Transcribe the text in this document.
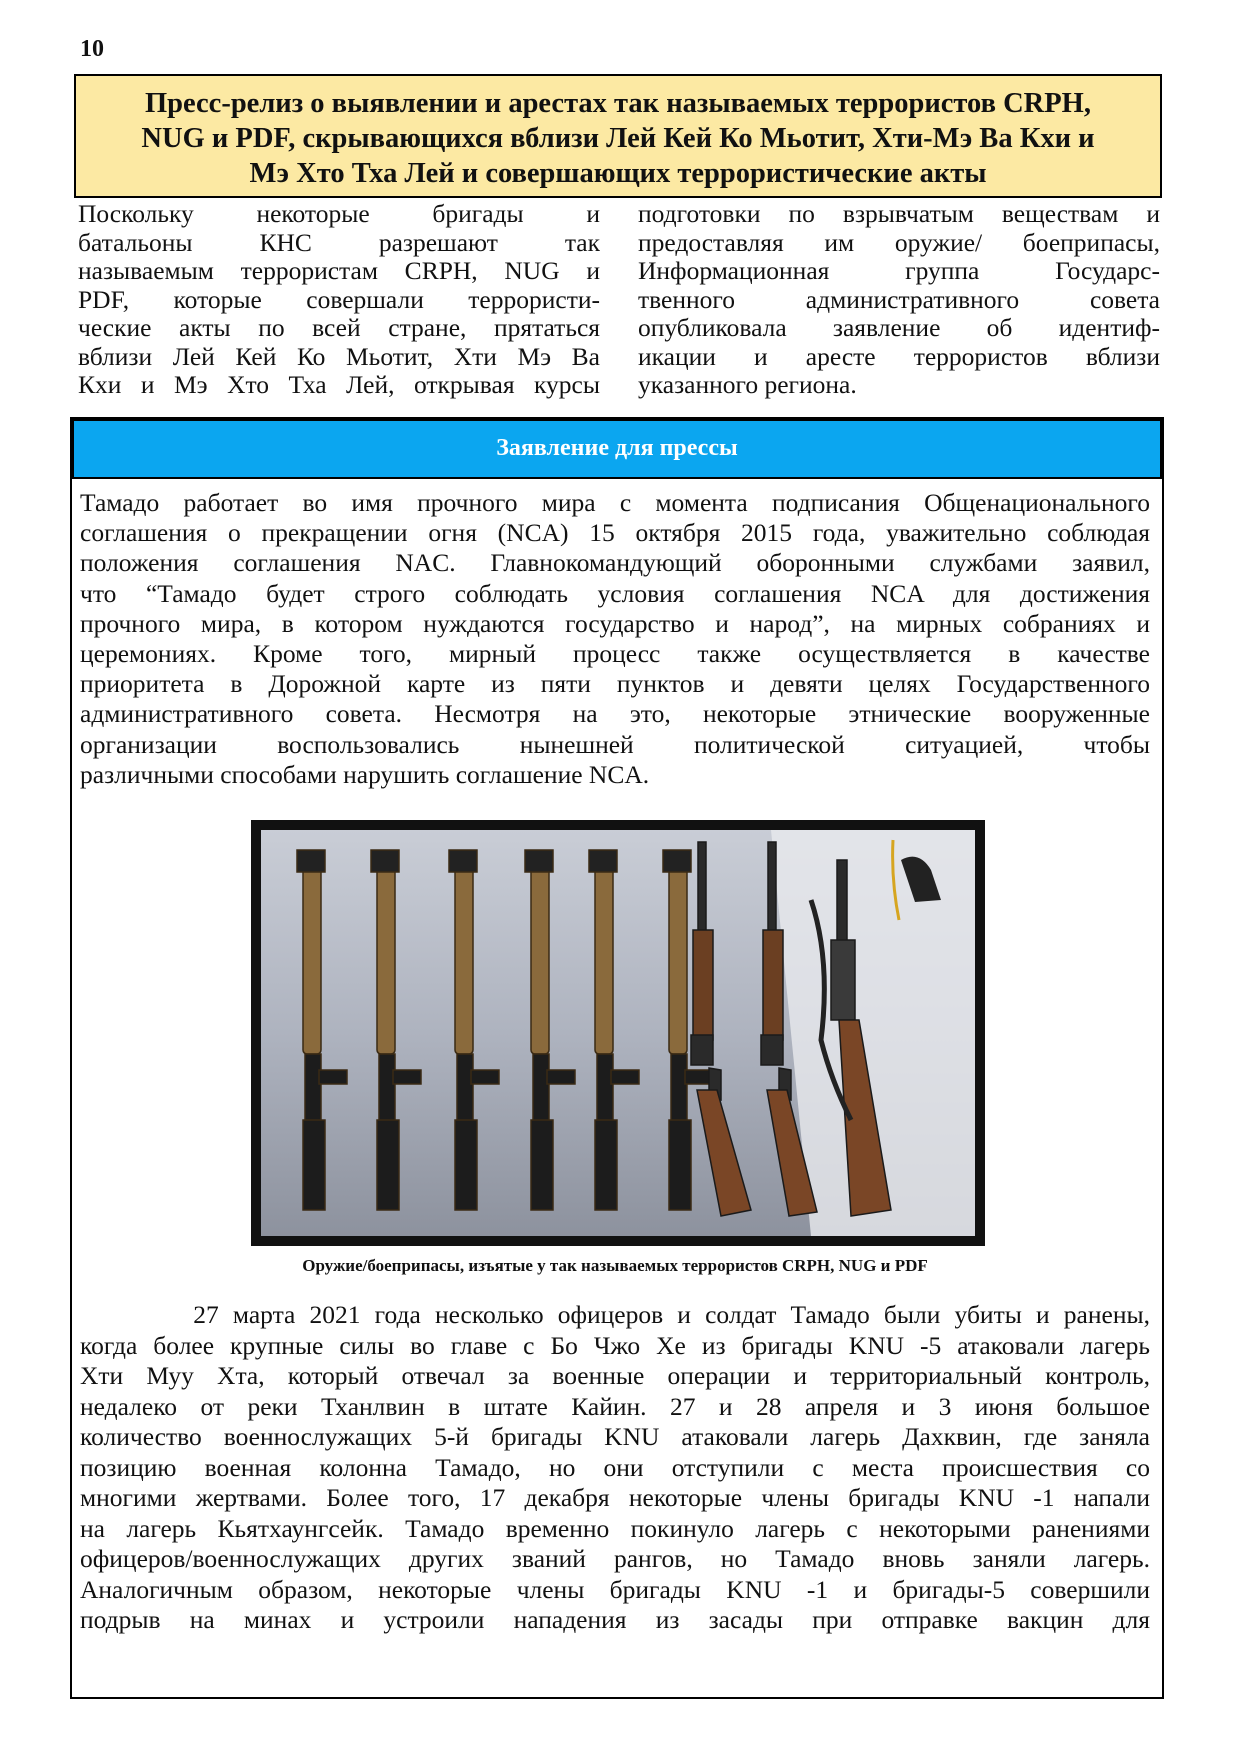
10
Пресс-релиз о выявлении и арестах так называемых террористов CRPH,
NUG и PDF, скрывающихся вблизи Лей Кей Ко Мьотит, Хти-Мэ Ва Кхи и
Мэ Хто Тха Лей и совершающих террористические акты
Поскольку некоторые бригады и
батальоны КНС разрешают так
называемым террористам CRPH, NUG и
PDF, которые совершали террористи-
ческие акты по всей стране, прятаться
вблизи Лей Кей Ко Мьотит, Хти Мэ Ва
Кхи и Мэ Хто Тха Лей, открывая курсы
подготовки по взрывчатым веществам и
предоставляя им оружие/ боеприпасы,
Информационная группа Государс-
твенного административного совета
опубликовала заявление об идентиф-
икации и аресте террористов вблизи
указанного региона.
Заявление для прессы
Тамадо работает во имя прочного мира с момента подписания Общенационального
соглашения о прекращении огня (NCA) 15 октября 2015 года, уважительно соблюдая
положения соглашения NAC. Главнокомандующий оборонными службами заявил,
что “Тамадо будет строго соблюдать условия соглашения NCA для достижения
прочного мира, в котором нуждаются государство и народ”, на мирных собраниях и
церемониях. Кроме того, мирный процесс также осуществляется в качестве
приоритета в Дорожной карте из пяти пунктов и девяти целях Государственного
административного совета. Несмотря на это, некоторые этнические вооруженные
организации воспользовались нынешней политической ситуацией, чтобы
различными способами нарушить соглашение NCA.
Оружие/боеприпасы, изъятые у так называемых террористов CRPH, NUG и PDF
27 марта 2021 года несколько офицеров и солдат Тамадо были убиты и ранены,
когда более крупные силы во главе с Бо Чжо Хе из бригады KNU -5 атаковали лагерь
Хти Муу Хта, который отвечал за военные операции и территориальный контроль,
недалеко от реки Тханлвин в штате Кайин. 27 и 28 апреля и 3 июня большое
количество военнослужащих 5-й бригады KNU атаковали лагерь Дахквин, где заняла
позицию военная колонна Тамадо, но они отступили с места происшествия со
многими жертвами. Более того, 17 декабря некоторые члены бригады KNU -1 напали
на лагерь Кьятхаунгсейк. Тамадо временно покинуло лагерь с некоторыми ранениями
офицеров/военнослужащих других званий рангов, но Тамадо вновь заняли лагерь.
Аналогичным образом, некоторые члены бригады KNU -1 и бригады-5 совершили
подрыв на минах и устроили нападения из засады при отправке вакцин для
